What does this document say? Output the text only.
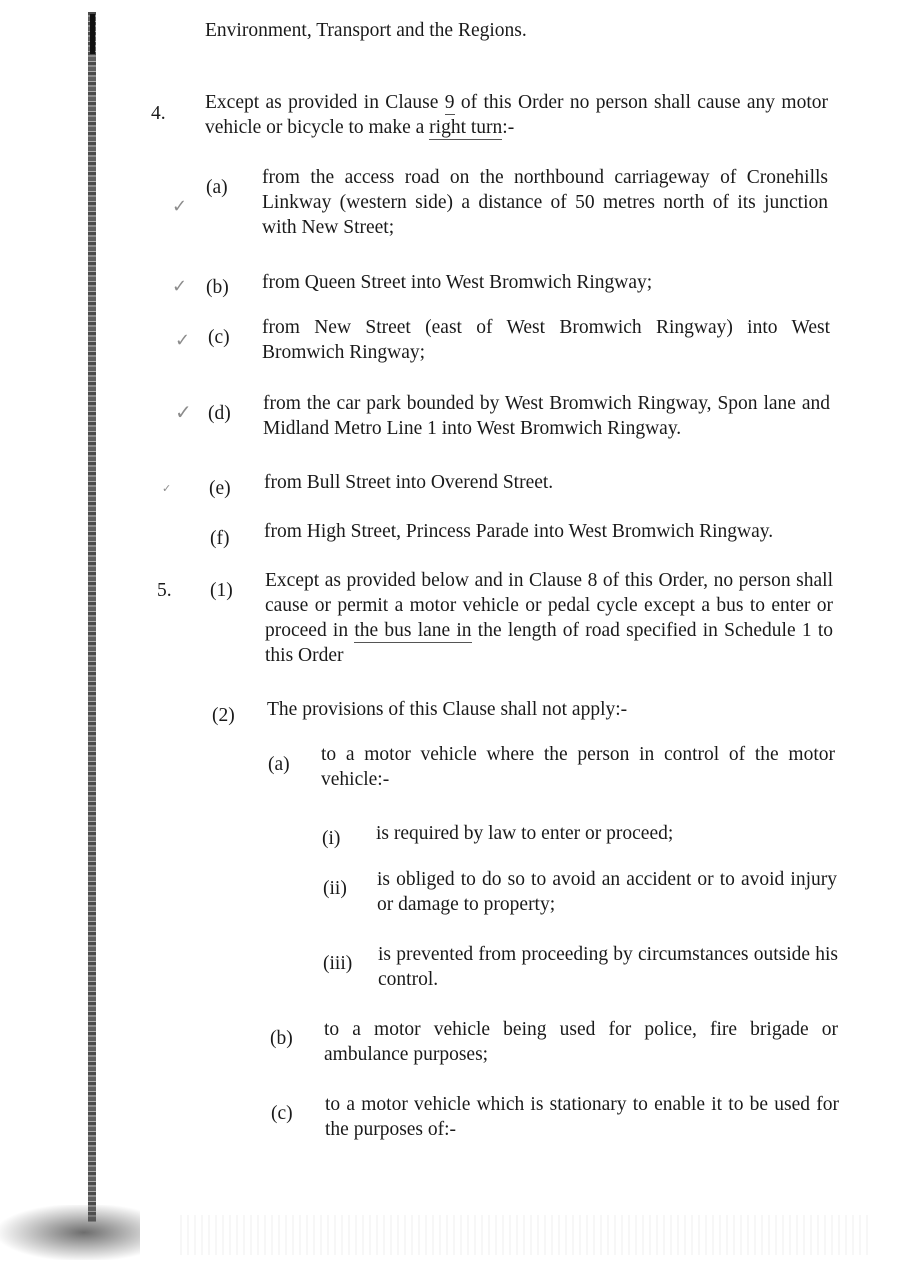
Environment, Transport and the Regions.
4.
Except as provided in Clause 9 of this Order no person shall cause any motor vehicle or bicycle to make a right turn:-
✓
(a) from the access road on the northbound carriageway of Cronehills Linkway (western side) a distance of 50 metres north of its junction with New Street;
✓ (b) from Queen Street into West Bromwich Ringway;
✓ (c) from New Street (east of West Bromwich Ringway) into West Bromwich Ringway;
✓ (d) from the car park bounded by West Bromwich Ringway, Spon lane and Midland Metro Line 1 into West Bromwich Ringway.
✓ (e) from Bull Street into Overend Street.
(f) from High Street, Princess Parade into West Bromwich Ringway.
5. (1) Except as provided below and in Clause 8 of this Order, no person shall cause or permit a motor vehicle or pedal cycle except a bus to enter or proceed in the bus lane in the length of road specified in Schedule 1 to this Order
(2) The provisions of this Clause shall not apply:-
(a) to a motor vehicle where the person in control of the motor vehicle:-
(i) is required by law to enter or proceed;
(ii) is obliged to do so to avoid an accident or to avoid injury or damage to property;
(iii) is prevented from proceeding by circumstances outside his control.
(b) to a motor vehicle being used for police, fire brigade or ambulance purposes;
(c) to a motor vehicle which is stationary to enable it to be used for the purposes of:-
